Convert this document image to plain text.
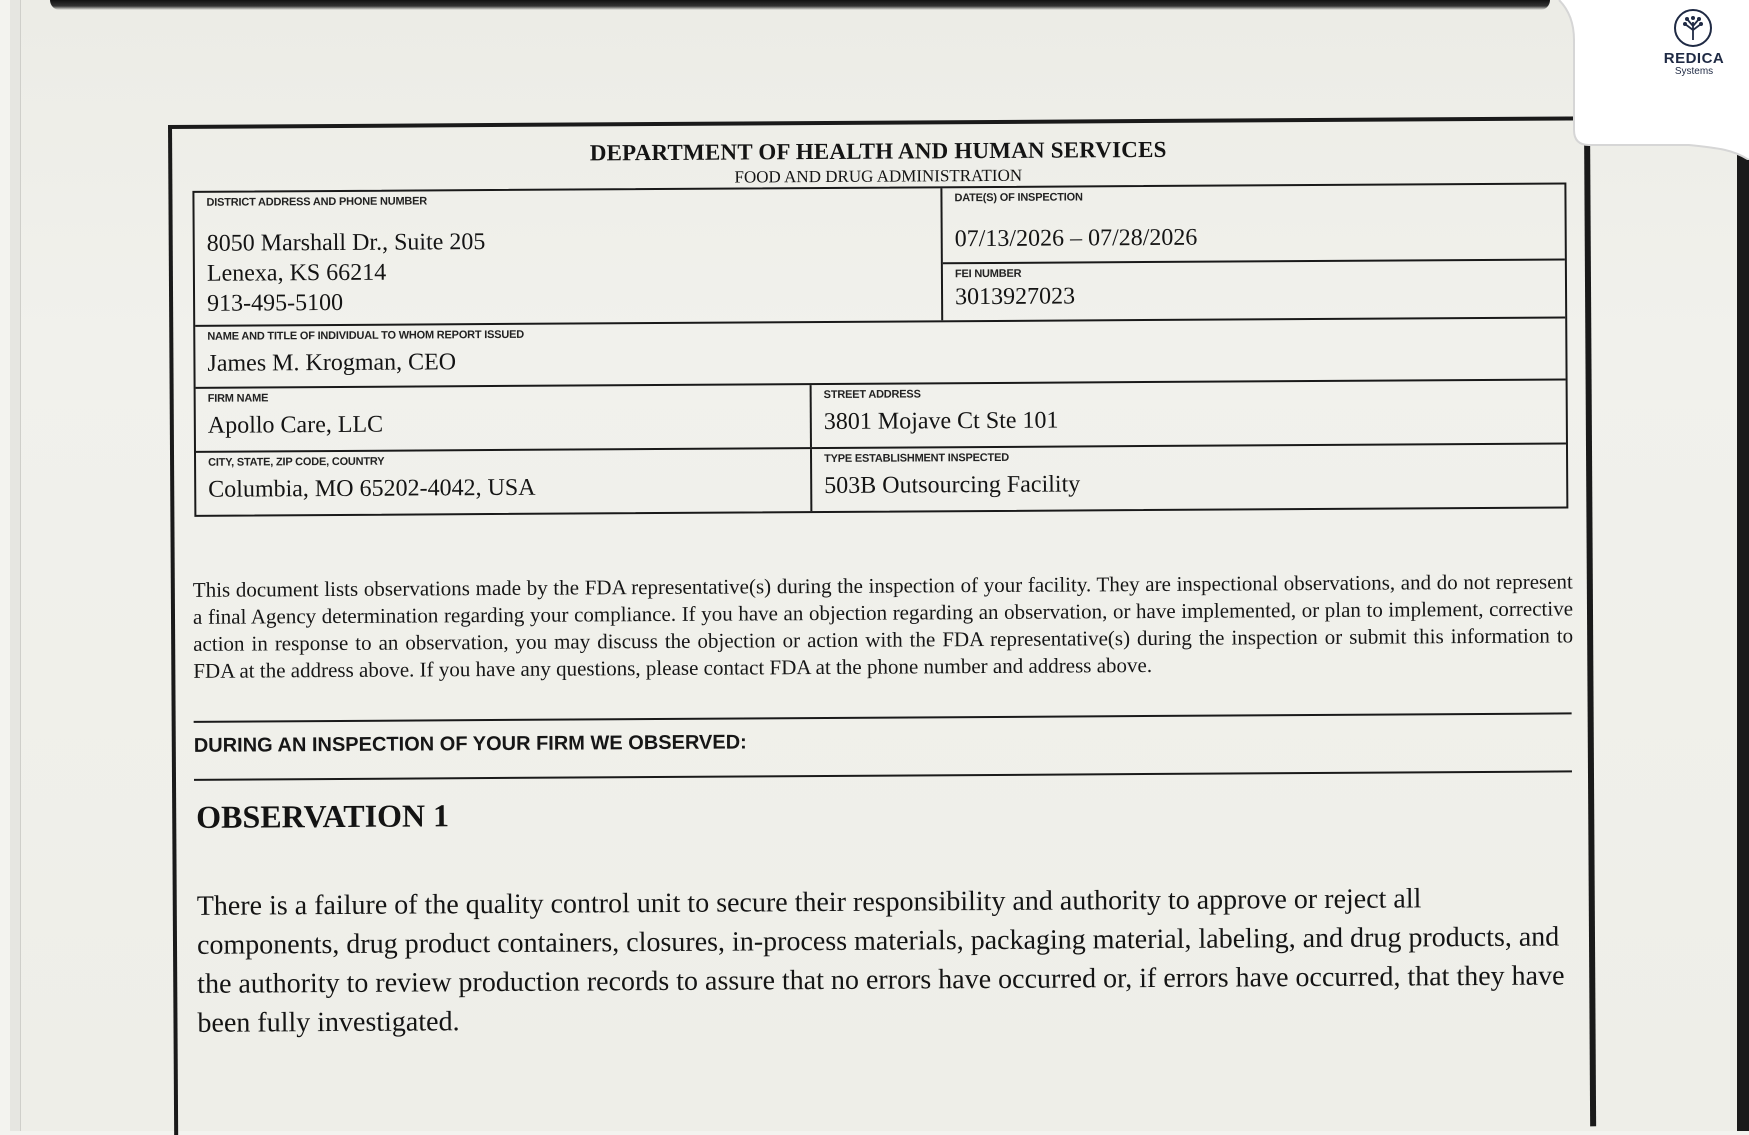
DEPARTMENT OF HEALTH AND HUMAN SERVICES
FOOD AND DRUG ADMINISTRATION
DISTRICT ADDRESS AND PHONE NUMBER
8050 Marshall Dr., Suite 205
Lenexa, KS 66214
913-495-5100
DATE(S) OF INSPECTION
07/13/2026 – 07/28/2026
FEI NUMBER
3013927023
NAME AND TITLE OF INDIVIDUAL TO WHOM REPORT ISSUED
James M. Krogman, CEO
FIRM NAME
Apollo Care, LLC
STREET ADDRESS
3801 Mojave Ct Ste 101
CITY, STATE, ZIP CODE, COUNTRY
Columbia, MO 65202-4042, USA
TYPE ESTABLISHMENT INSPECTED
503B Outsourcing Facility
This document lists observations made by the FDA representative(s) during the inspection of your facility. They are inspectional observations, and do not represent a final Agency determination regarding your compliance. If you have an objection regarding an observation, or have implemented, or plan to implement, corrective action in response to an observation, you may discuss the objection or action with the FDA representative(s) during the inspection or submit this information to FDA at the address above. If you have any questions, please contact FDA at the phone number and address above.
DURING AN INSPECTION OF YOUR FIRM WE OBSERVED:
OBSERVATION 1
There is a failure of the quality control unit to secure their responsibility and authority to approve or reject all components, drug product containers, closures, in-process materials, packaging material, labeling, and drug products, and the authority to review production records to assure that no errors have occurred or, if errors have occurred, that they have been fully investigated.
REDICA
Systems
